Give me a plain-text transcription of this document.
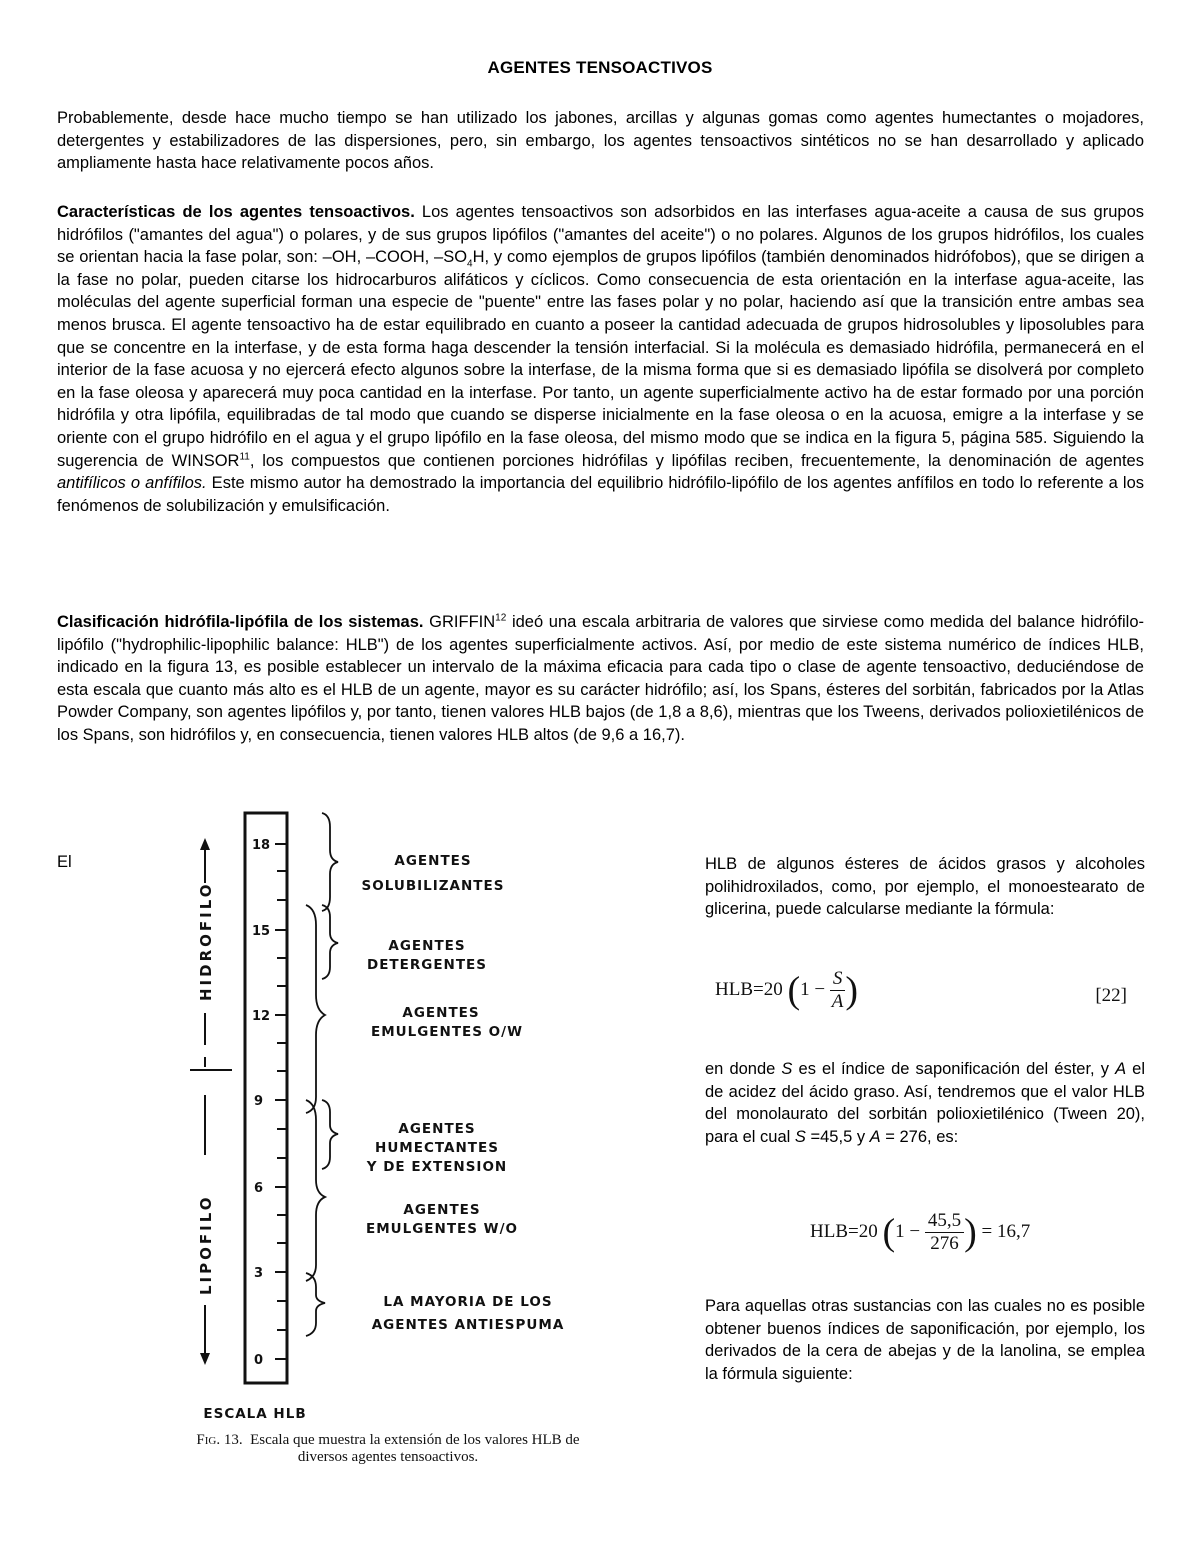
AGENTES TENSOACTIVOS
Probablemente, desde hace mucho tiempo se han utilizado los jabones, arcillas y algunas gomas como agentes humectantes o mojadores, detergentes y estabilizadores de las dispersiones, pero, sin embargo, los agentes tensoactivos sintéticos no se han desarrollado y aplicado ampliamente hasta hace relativamente pocos años.
Características de los agentes tensoactivos. Los agentes tensoactivos son adsorbidos en las interfases agua-aceite a causa de sus grupos hidrófilos ("amantes del agua") o polares, y de sus grupos lipófilos ("amantes del aceite") o no polares. Algunos de los grupos hidrófilos, los cuales se orientan hacia la fase polar, son: –OH, –COOH, $-SO_4H$, y como ejemplos de grupos lipófilos (también denominados hidrófobos), que se dirigen a la fase no polar, pueden citarse los hidrocarburos alifáticos y cíclicos. Como consecuencia de esta orientación en la interfase agua-aceite, las moléculas del agente superficial forman una especie de "puente" entre las fases polar y no polar, haciendo así que la transición entre ambas sea menos brusca. El agente tensoactivo ha de estar equilibrado en cuanto a poseer la cantidad adecuada de grupos hidrosolubles y liposolubles para que se concentre en la interfase, y de esta forma haga descender la tensión interfacial. Si la molécula es demasiado hidrófila, permanecerá en el interior de la fase acuosa y no ejercerá efecto algunos sobre la interfase, de la misma forma que si es demasiado lipófila se disolverá por completo en la fase oleosa y aparecerá muy poca cantidad en la interfase. Por tanto, un agente superficialmente activo ha de estar formado por una porción hidrófila y otra lipófila, equilibradas de tal modo que cuando se disperse inicialmente en la fase oleosa o en la acuosa, emigre a la interfase y se oriente con el grupo hidrófilo en el agua y el grupo lipófilo en la fase oleosa, del mismo modo que se indica en la figura 5, página 585. Siguiendo la sugerencia de WINSOR$^{11}$, los compuestos que contienen porciones hidrófilas y lipófilas reciben, frecuentemente, la denominación de agentes antifílicos o anfífilos. Este mismo autor ha demostrado la importancia del equilibrio hidrófilo-lipófilo de los agentes anfífilos en todo lo referente a los fenómenos de solubilización y emulsificación.
Clasificación hidrófila-lipófila de los sistemas. GRIFFIN$^{12}$ ideó una escala arbitraria de valores que sirviese como medida del balance hidrófilo-lipófilo ("hydrophilic-lipophilic balance: HLB") de los agentes superficialmente activos. Así, por medio de este sistema numérico de índices HLB, indicado en la figura 13, es posible establecer un intervalo de la máxima eficacia para cada tipo o clase de agente tensoactivo, deduciéndose de esta escala que cuanto más alto es el HLB de un agente, mayor es su carácter hidrófilo; así, los Spans, ésteres del sorbitán, fabricados por la Atlas Powder Company, son agentes lipófilos y, por tanto, tienen valores HLB bajos (de 1,8 a 8,6), mientras que los Tweens, derivados polioxietilénicos de los Spans, son hidrófilos y, en consecuencia, tienen valores HLB altos (de 9,6 a 16,7).
El
18
15
12
9
6
3
0
HIDROFILO
LIPOFILO
AGENTES
SOLUBILIZANTES
AGENTES
DETERGENTES
AGENTES
EMULGENTES O/W
AGENTES
HUMECTANTES
Y DE EXTENSION
AGENTES
EMULGENTES W/O
LA MAYORIA DE LOS
AGENTES ANTIESPUMA
ESCALA HLB
Fig. 13. Escala que muestra la extensión de los valores HLB de
diversos agentes tensoactivos.
HLB de algunos ésteres de ácidos grasos y alcoholes polihidroxilados, como, por ejemplo, el monoestearato de glicerina, puede calcularse mediante la fórmula:
HLB=20 ($1 - \frac{S}{A}$ )	[22]
en donde S es el índice de saponificación del éster, y A el de acidez del ácido graso. Así, tendremos que el valor HLB del monolaurato del sorbitán polioxietilénico (Tween 20), para el cual S =45,5 y A = 276, es:
HLB=20 ($1 - \frac{45,5}{276}$ ) = 16,7
Para aquellas otras sustancias con las cuales no es posible obtener buenos índices de saponificación, por ejemplo, los derivados de la cera de abejas y de la lanolina, se emplea la fórmula siguiente:
